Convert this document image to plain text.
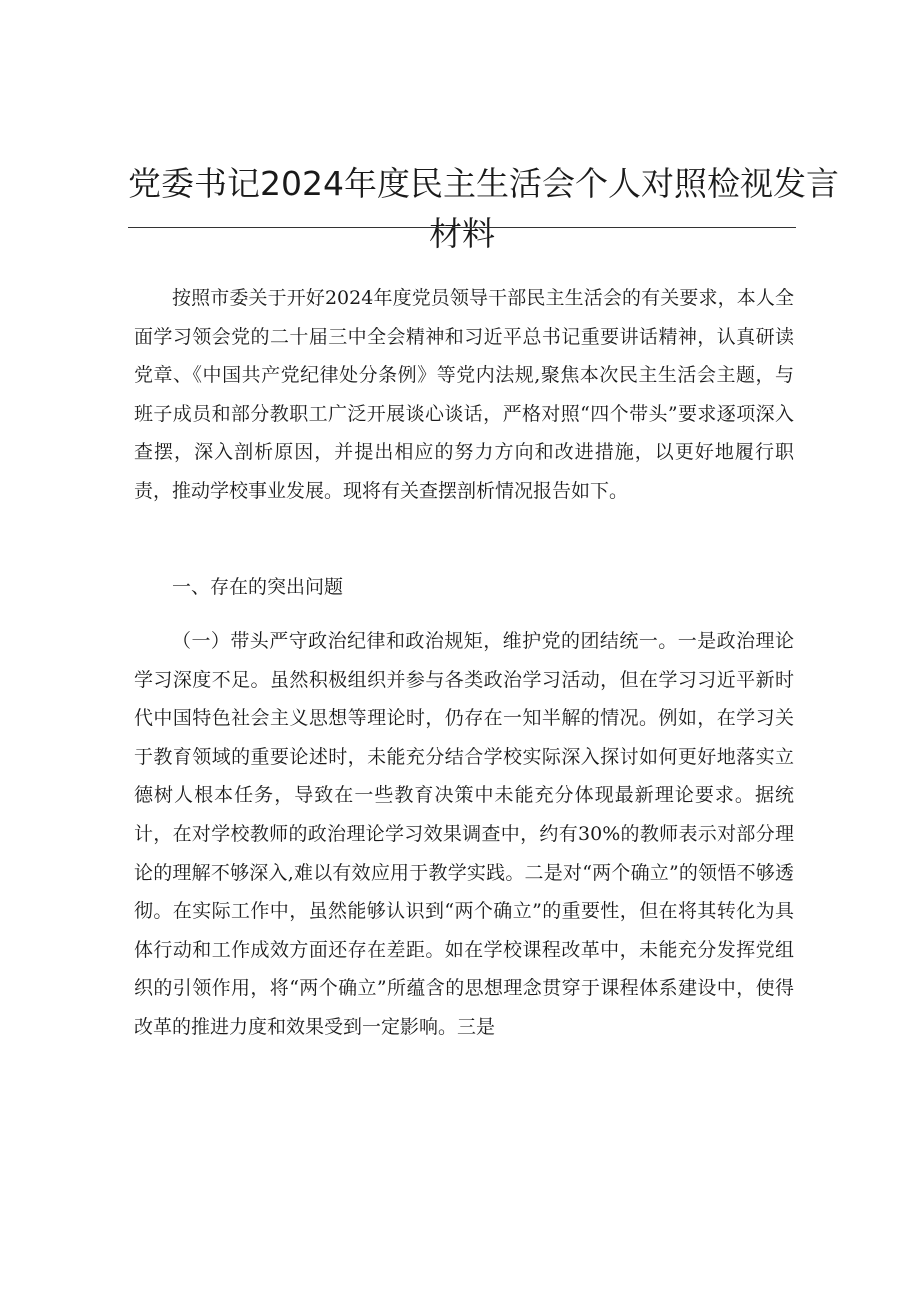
党委书记2024年度民主生活会个人对照检视发言
材料

按照市委关于开好2024年度党员领导干部民主生活会的有关要求，本人全面学习领会党的二十届三中全会精神和习近平总书记重要讲话精神，认真研读党章、《中国共产党纪律处分条例》等党内法规,聚焦本次民主生活会主题，与班子成员和部分教职工广泛开展谈心谈话，严格对照“四个带头”要求逐项深入查摆，深入剖析原因，并提出相应的努力方向和改进措施，以更好地履行职责，推动学校事业发展。现将有关查摆剖析情况报告如下。

一、存在的突出问题

（一）带头严守政治纪律和政治规矩，维护党的团结统一。一是政治理论学习深度不足。虽然积极组织并参与各类政治学习活动，但在学习习近平新时代中国特色社会主义思想等理论时，仍存在一知半解的情况。例如，在学习关于教育领域的重要论述时，未能充分结合学校实际深入探讨如何更好地落实立德树人根本任务，导致在一些教育决策中未能充分体现最新理论要求。据统计，在对学校教师的政治理论学习效果调查中，约有30%的教师表示对部分理论的理解不够深入,难以有效应用于教学实践。二是对“两个确立”的领悟不够透彻。在实际工作中，虽然能够认识到“两个确立”的重要性，但在将其转化为具体行动和工作成效方面还存在差距。如在学校课程改革中，未能充分发挥党组织的引领作用，将“两个确立”所蕴含的思想理念贯穿于课程体系建设中，使得改革的推进力度和效果受到一定影响。三是
